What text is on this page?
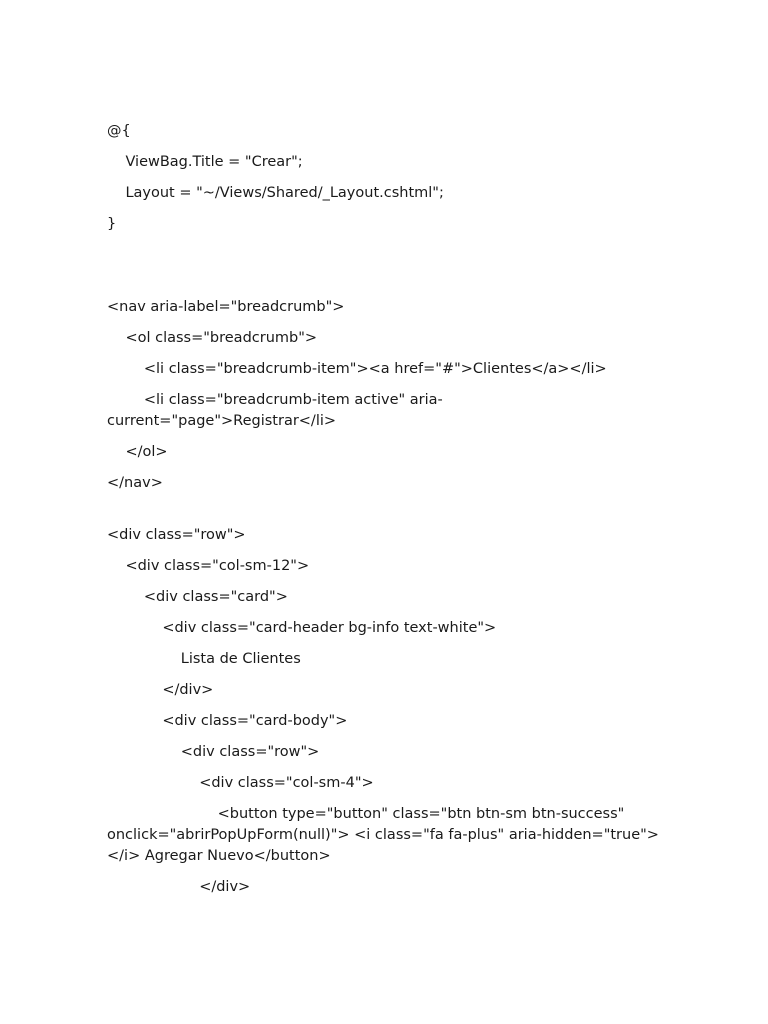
@{
ViewBag.Title = "Crear";
Layout = "~/Views/Shared/_Layout.cshtml";
}
<nav aria-label="breadcrumb">
<ol class="breadcrumb">
<li class="breadcrumb-item"><a href="#">Clientes</a></li>
<li class="breadcrumb-item active" aria-current="page">Registrar</li>
</ol>
</nav>
<div class="row">
<div class="col-sm-12">
<div class="card">
<div class="card-header bg-info text-white">
Lista de Clientes
</div>
<div class="card-body">
<div class="row">
<div class="col-sm-4">
<button type="button" class="btn btn-sm btn-success" onclick="abrirPopUpForm(null)"> <i class="fa fa-plus" aria-hidden="true"></i> Agregar Nuevo</button>
</div>
